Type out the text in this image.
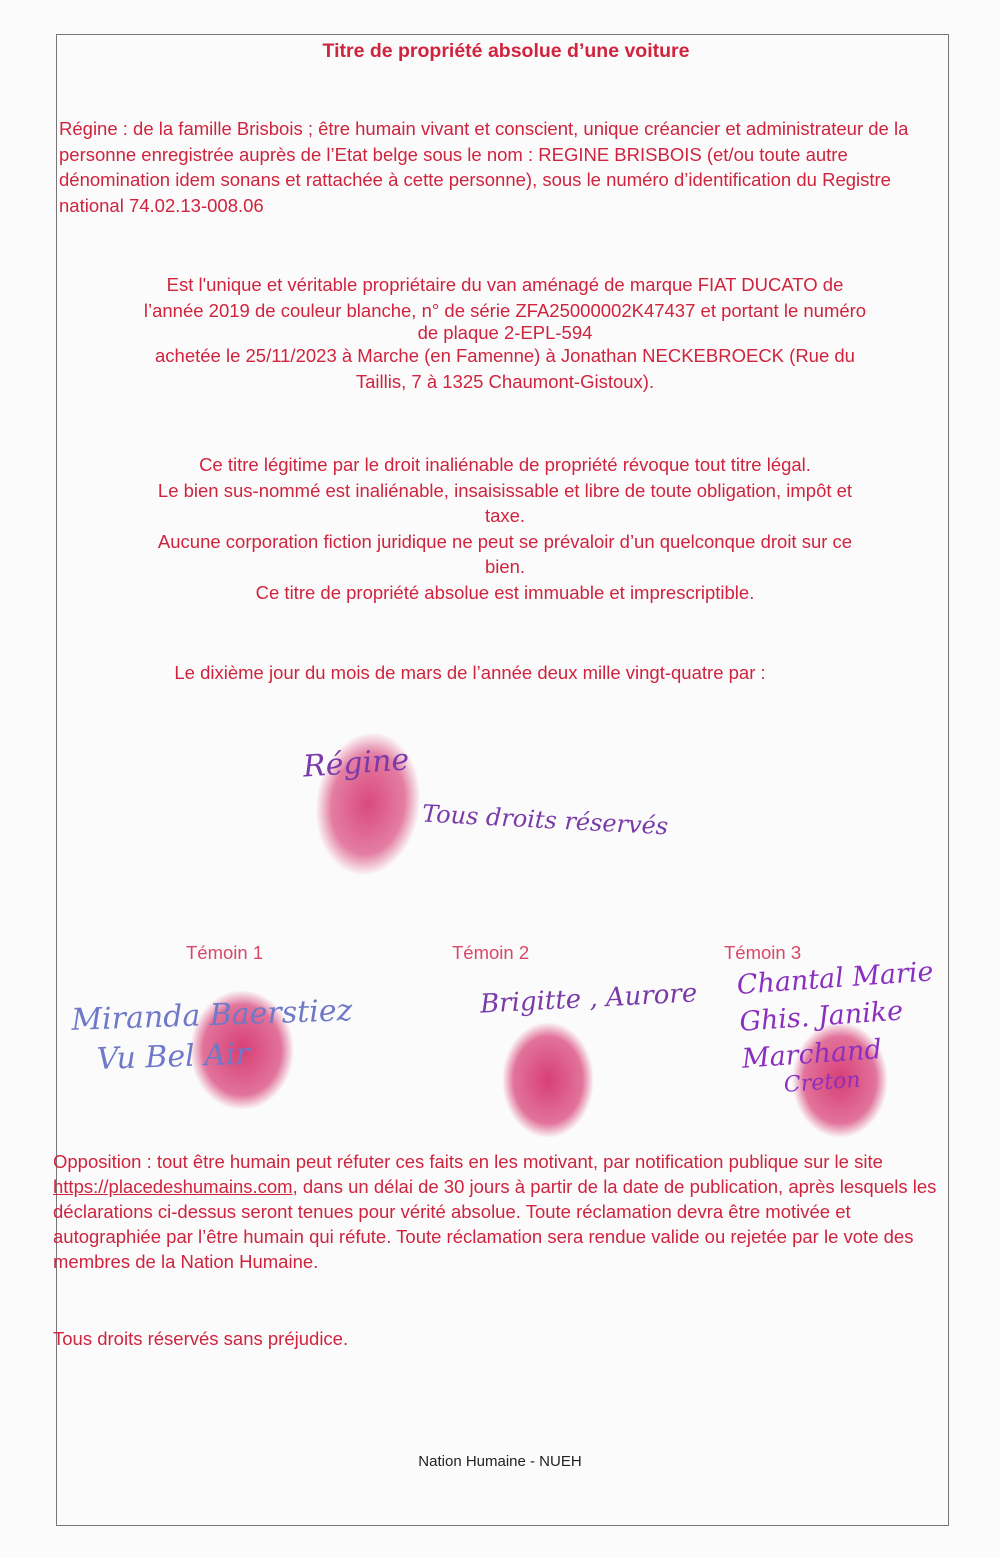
Titre de propriété absolue d’une voiture
Régine : de la famille Brisbois ; être humain vivant et conscient, unique créancier et administrateur de la personne enregistrée auprès de l’Etat belge sous le nom : REGINE BRISBOIS (et/ou toute autre dénomination idem sonans et rattachée à cette personne), sous le numéro d’identification du Registre national 74.02.13-008.06
Est l'unique et véritable propriétaire du van aménagé de marque FIAT DUCATO de
l’année 2019 de couleur blanche, n° de série ZFA25000002K47437 et portant le numéro
de plaque 2-EPL-594
achetée le 25/11/2023 à Marche (en Famenne) à Jonathan NECKEBROECK (Rue du
Taillis, 7 à 1325 Chaumont-Gistoux).
Ce titre légitime par le droit inaliénable de propriété révoque tout titre légal.
Le bien sus-nommé est inaliénable, insaisissable et libre de toute obligation, impôt et
taxe.
Aucune corporation fiction juridique ne peut se prévaloir d’un quelconque droit sur ce
bien.
Ce titre de propriété absolue est immuable et imprescriptible.
Le dixième jour du mois de mars de l’année deux mille vingt-quatre par :
Régine
Tous droits réservés
Témoin 1	Témoin 2	Témoin 3
Miranda Baerstiez
Vu Bel Air
Brigitte , Aurore Chantal Marie
Ghis. Janike
Marchand
Creton
Opposition : tout être humain peut réfuter ces faits en les motivant, par notification publique sur le site https://placedeshumains.com, dans un délai de 30 jours à partir de la date de publication, après lesquels les déclarations ci-dessus seront tenues pour vérité absolue. Toute réclamation devra être motivée et autographiée par l’être humain qui réfute. Toute réclamation sera rendue valide ou rejetée par le vote des membres de la Nation Humaine.
Tous droits réservés sans préjudice.
Nation Humaine - NUEH
